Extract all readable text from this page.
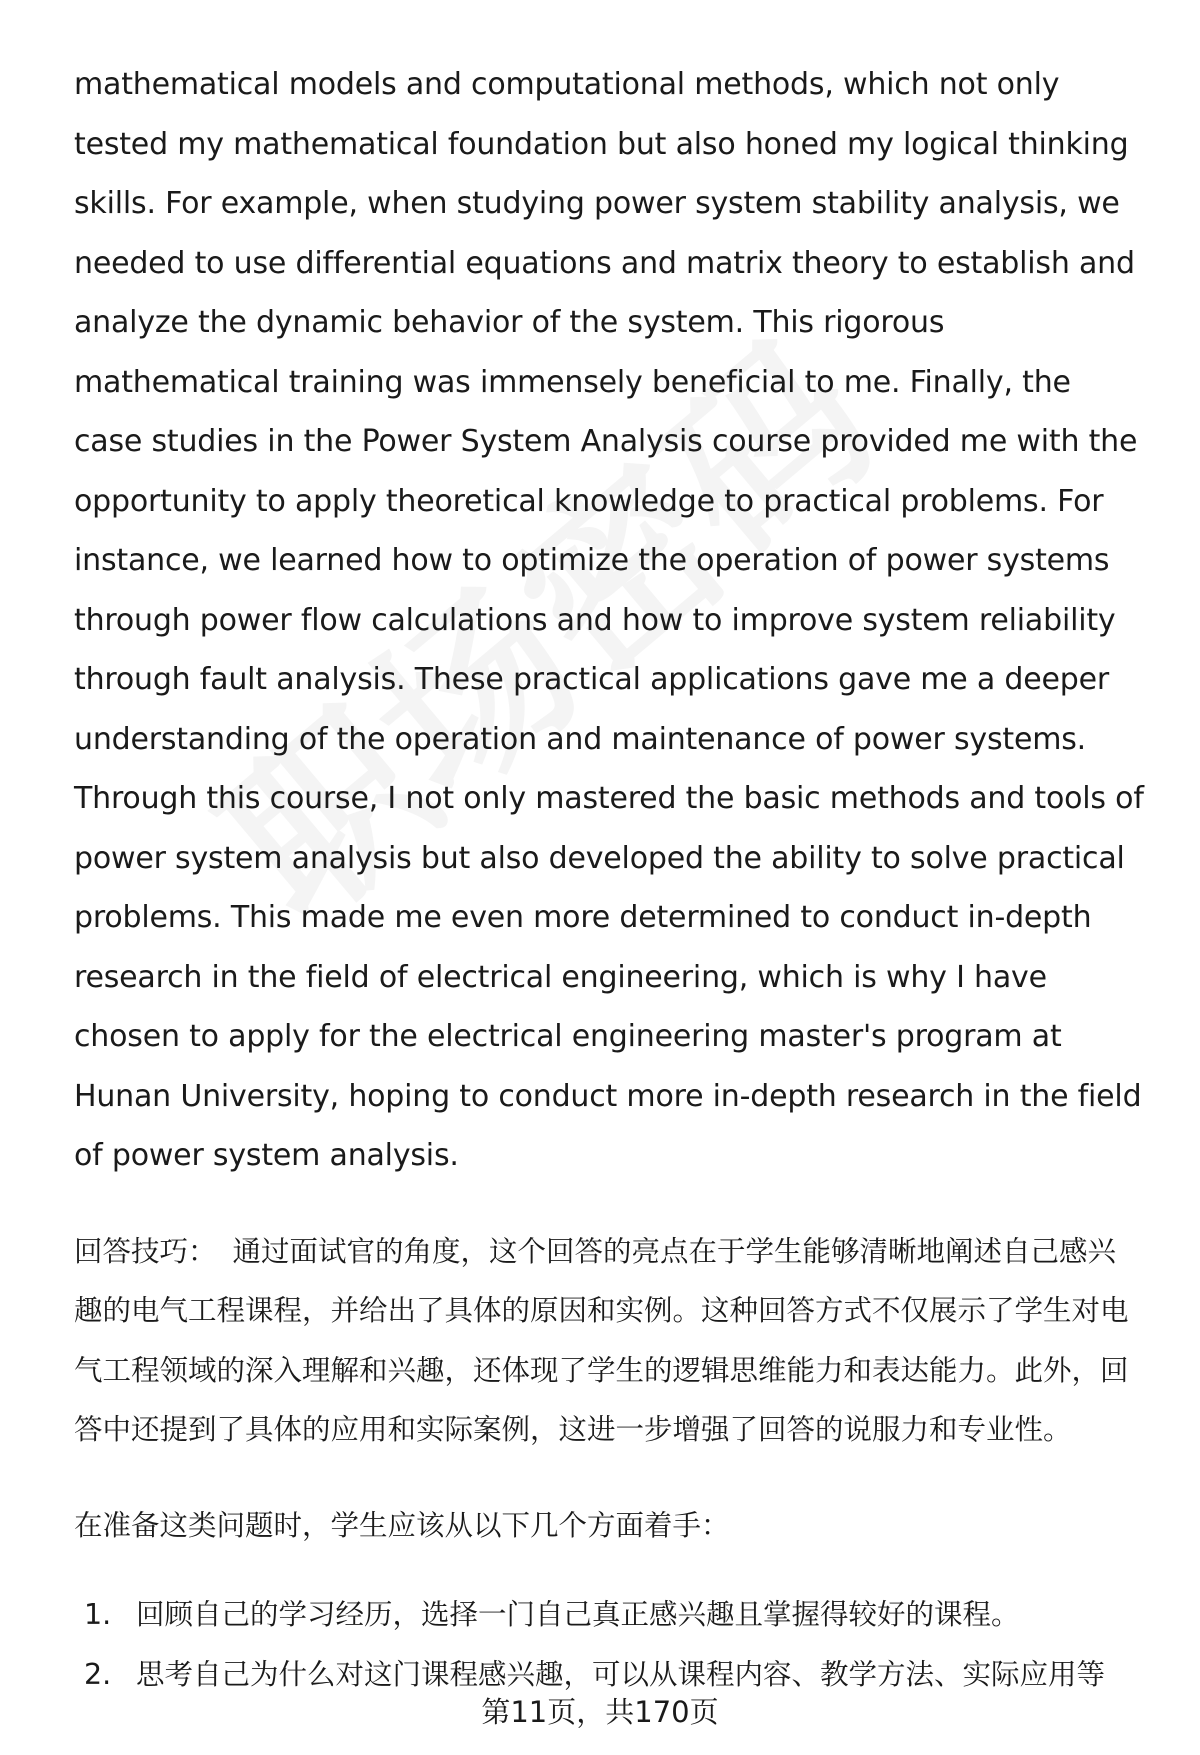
mathematical models and computational methods, which not only tested my mathematical foundation but also honed my logical thinking skills. For example, when studying power system stability analysis, we needed to use differential equations and matrix theory to establish and analyze the dynamic behavior of the system. This rigorous mathematical training was immensely beneficial to me. Finally, the case studies in the Power System Analysis course provided me with the opportunity to apply theoretical knowledge to practical problems. For instance, we learned how to optimize the operation of power systems through power flow calculations and how to improve system reliability through fault analysis. These practical applications gave me a deeper understanding of the operation and maintenance of power systems. Through this course, I not only mastered the basic methods and tools of power system analysis but also developed the ability to solve practical problems. This made me even more determined to conduct in-depth research in the field of electrical engineering, which is why I have chosen to apply for the electrical engineering master's program at Hunan University, hoping to conduct more in-depth research in the field of power system analysis.

回答技巧： 通过面试官的角度，这个回答的亮点在于学生能够清晰地阐述自己感兴趣的电气工程课程，并给出了具体的原因和实例。这种回答方式不仅展示了学生对电气工程领域的深入理解和兴趣，还体现了学生的逻辑思维能力和表达能力。此外，回答中还提到了具体的应用和实际案例，这进一步增强了回答的说服力和专业性。

在准备这类问题时，学生应该从以下几个方面着手：

1. 回顾自己的学习经历，选择一门自己真正感兴趣且掌握得较好的课程。
2. 思考自己为什么对这门课程感兴趣，可以从课程内容、教学方法、实际应用等
第11页，共170页
